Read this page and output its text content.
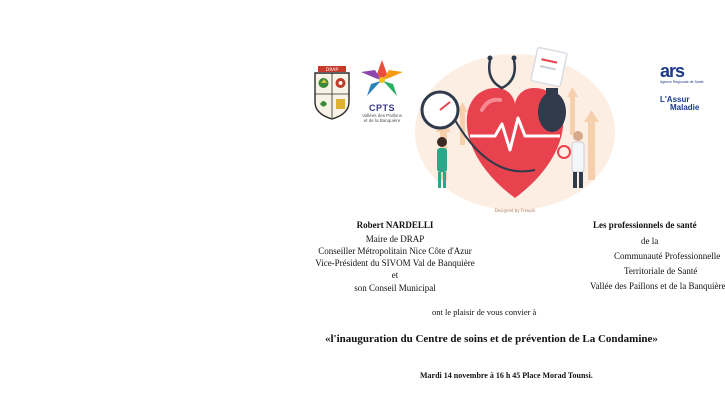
DRAP
CPTS
Vallées des Paillons
et de la Banquière
Designed by Freepik
ars
Agence Régionale de Santé
L'Assur
Maladie
Robert NARDELLI
Maire de DRAP
Conseiller Métropolitain Nice Côte d'Azur
Vice-Président du SIVOM Val de Banquière
et
son Conseil Municipal
Les professionnels de santé
de la
Communauté Professionnelle
Territoriale de Santé
Vallée des Paillons et de la Banquière
ont le plaisir de vous convier à
«l'inauguration du Centre de soins et de prévention de La Condamine»
Mardi 14 novembre à 16 h 45 Place Morad Tounsi.
